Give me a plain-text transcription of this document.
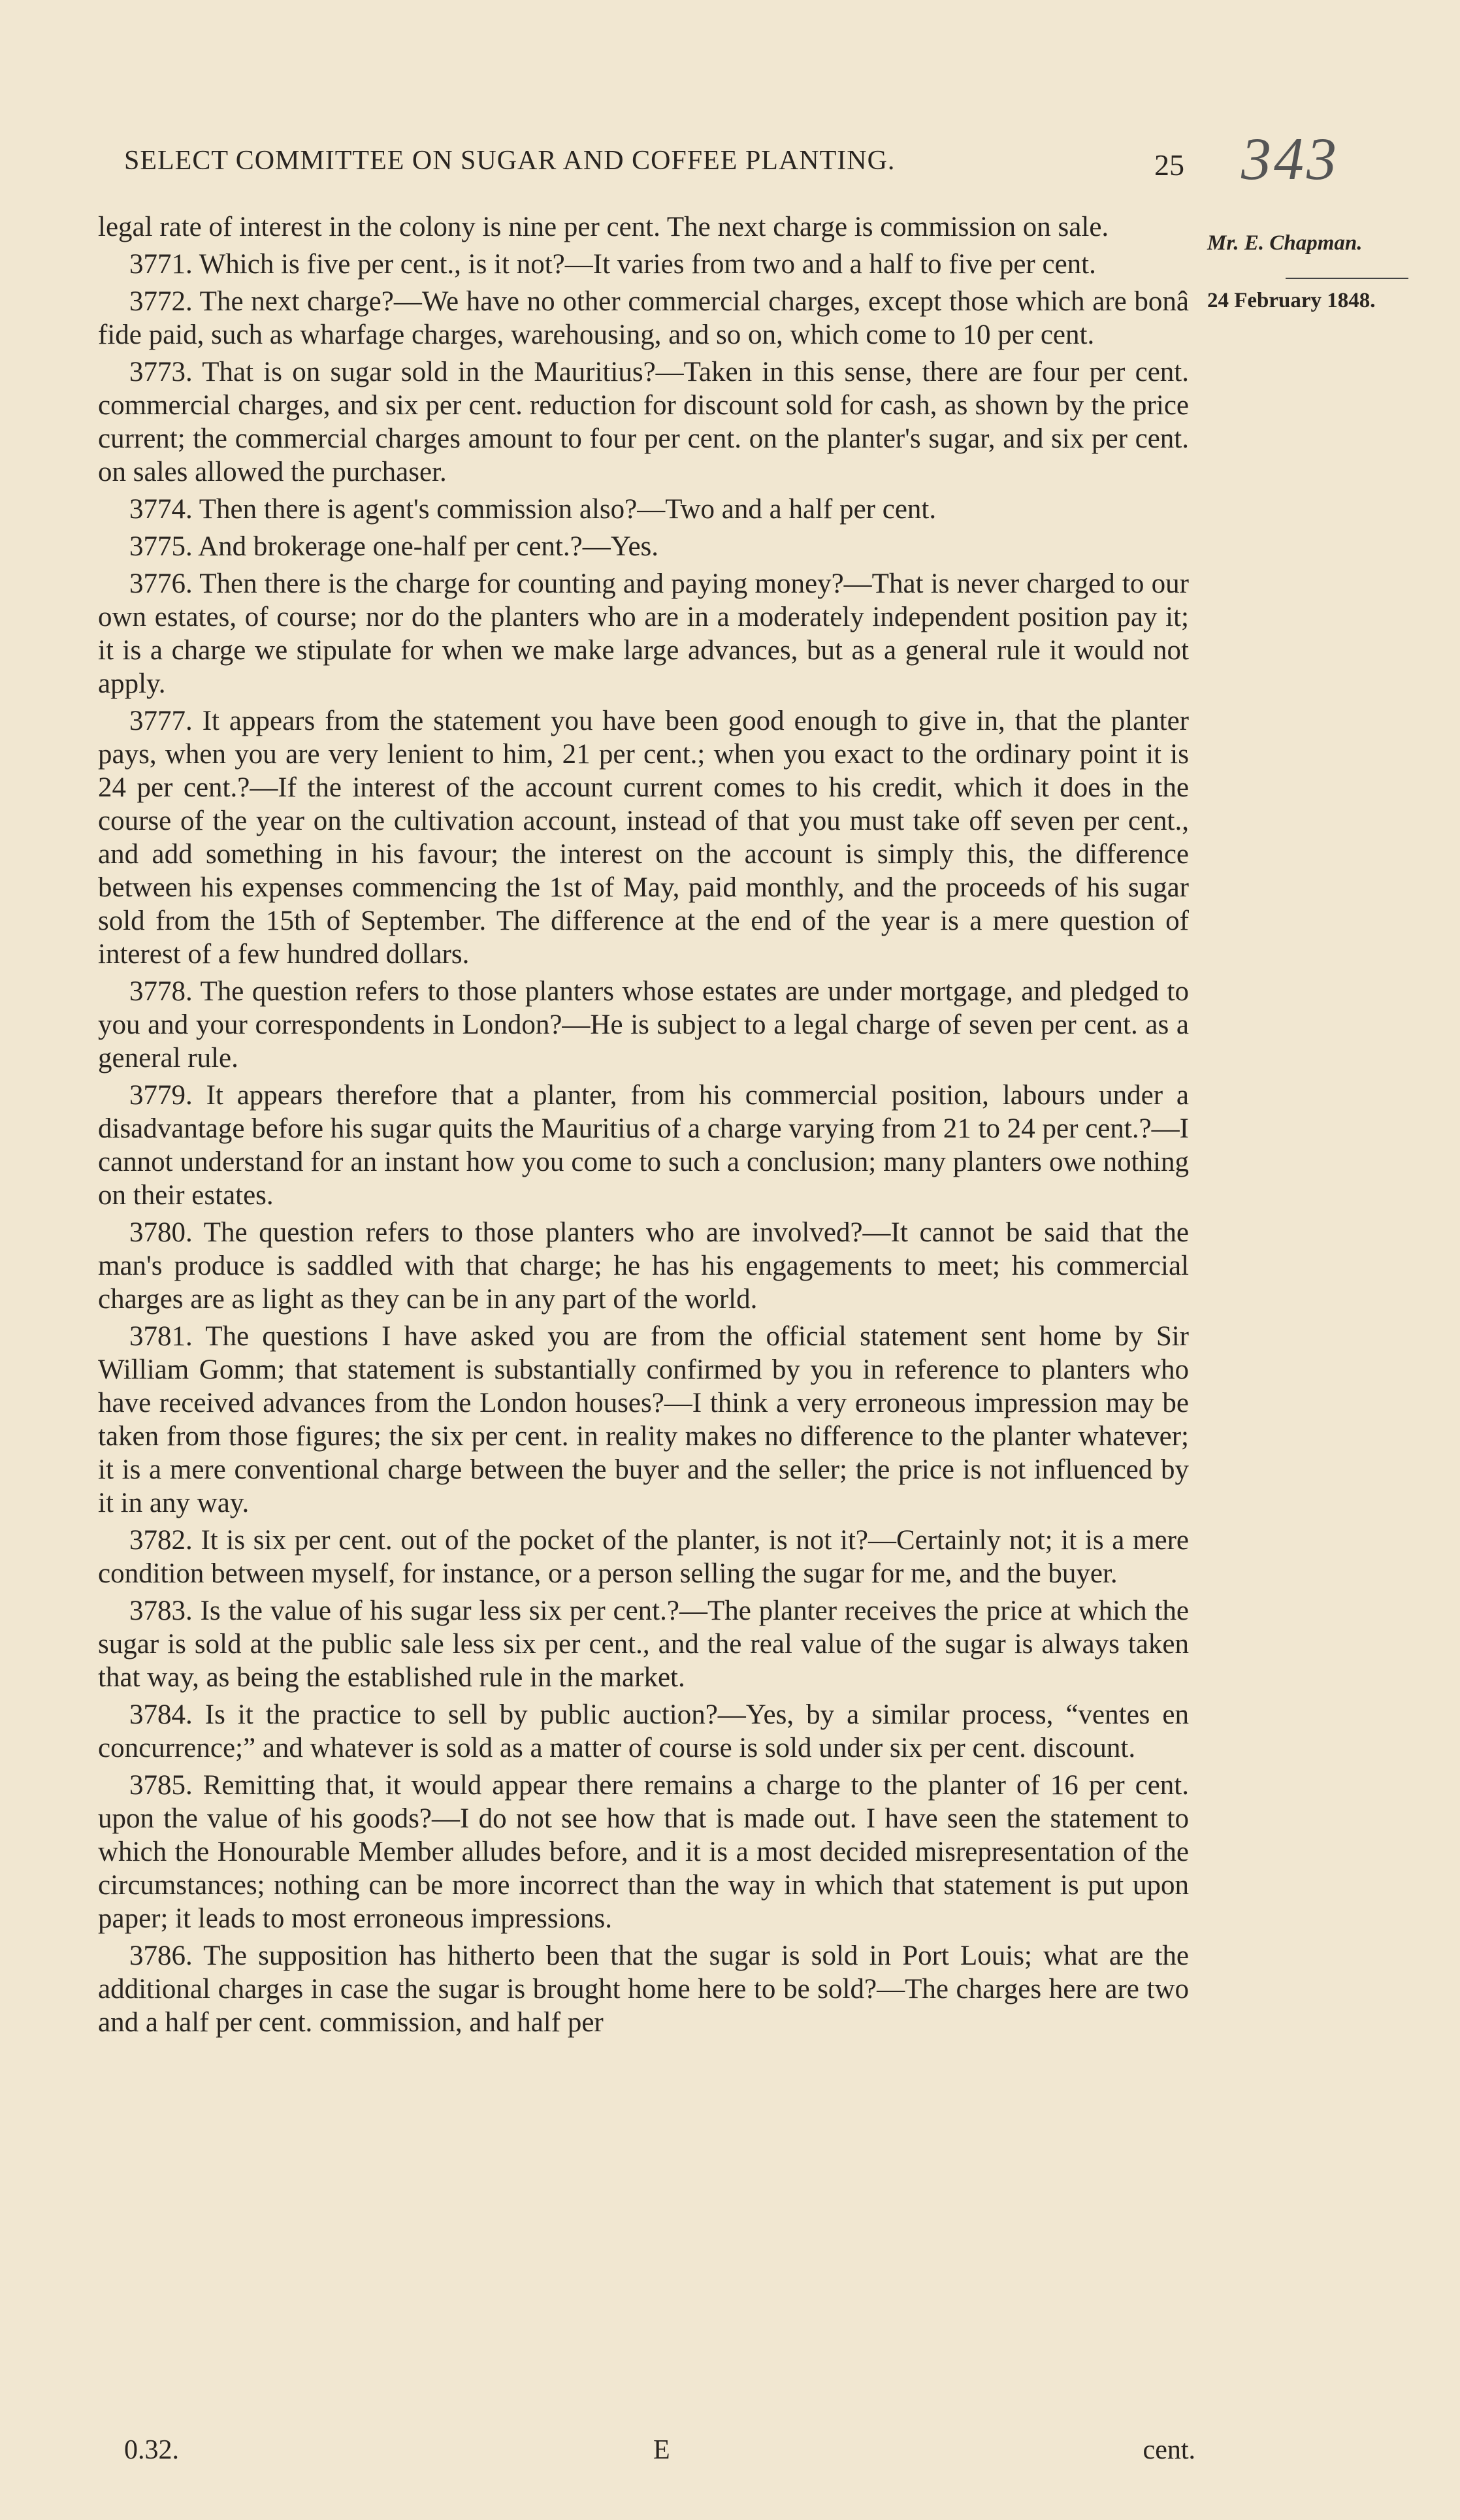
SELECT COMMITTEE ON SUGAR AND COFFEE PLANTING.	25 343
Mr. E. Chapman.
24 February 1848.

legal rate of interest in the colony is nine per cent. The next charge is commission on sale.

3771. Which is five per cent., is it not?—It varies from two and a half to five per cent.

3772. The next charge?—We have no other commercial charges, except those which are bonâ fide paid, such as wharfage charges, warehousing, and so on, which come to 10 per cent.

3773. That is on sugar sold in the Mauritius?—Taken in this sense, there are four per cent. commercial charges, and six per cent. reduction for discount sold for cash, as shown by the price current; the commercial charges amount to four per cent. on the planter's sugar, and six per cent. on sales allowed the purchaser.

3774. Then there is agent's commission also?—Two and a half per cent.

3775. And brokerage one-half per cent.?—Yes.

3776. Then there is the charge for counting and paying money?—That is never charged to our own estates, of course; nor do the planters who are in a moderately independent position pay it; it is a charge we stipulate for when we make large advances, but as a general rule it would not apply.

3777. It appears from the statement you have been good enough to give in, that the planter pays, when you are very lenient to him, 21 per cent.; when you exact to the ordinary point it is 24 per cent.?—If the interest of the account current comes to his credit, which it does in the course of the year on the cultivation account, instead of that you must take off seven per cent., and add something in his favour; the interest on the account is simply this, the difference between his expenses commencing the 1st of May, paid monthly, and the proceeds of his sugar sold from the 15th of September. The difference at the end of the year is a mere question of interest of a few hundred dollars.

3778. The question refers to those planters whose estates are under mortgage, and pledged to you and your correspondents in London?—He is subject to a legal charge of seven per cent. as a general rule.

3779. It appears therefore that a planter, from his commercial position, labours under a disadvantage before his sugar quits the Mauritius of a charge varying from 21 to 24 per cent.?—I cannot understand for an instant how you come to such a conclusion; many planters owe nothing on their estates.

3780. The question refers to those planters who are involved?—It cannot be said that the man's produce is saddled with that charge; he has his engagements to meet; his commercial charges are as light as they can be in any part of the world.

3781. The questions I have asked you are from the official statement sent home by Sir William Gomm; that statement is substantially confirmed by you in reference to planters who have received advances from the London houses?—I think a very erroneous impression may be taken from those figures; the six per cent. in reality makes no difference to the planter whatever; it is a mere conventional charge between the buyer and the seller; the price is not influenced by it in any way.

3782. It is six per cent. out of the pocket of the planter, is not it?—Certainly not; it is a mere condition between myself, for instance, or a person selling the sugar for me, and the buyer.

3783. Is the value of his sugar less six per cent.?—The planter receives the price at which the sugar is sold at the public sale less six per cent., and the real value of the sugar is always taken that way, as being the established rule in the market.

3784. Is it the practice to sell by public auction?—Yes, by a similar process, “ventes en concurrence;” and whatever is sold as a matter of course is sold under six per cent. discount.

3785. Remitting that, it would appear there remains a charge to the planter of 16 per cent. upon the value of his goods?—I do not see how that is made out. I have seen the statement to which the Honourable Member alludes before, and it is a most decided misrepresentation of the circumstances; nothing can be more incorrect than the way in which that statement is put upon paper; it leads to most erroneous impressions.

3786. The supposition has hitherto been that the sugar is sold in Port Louis; what are the additional charges in case the sugar is brought home here to be sold?—The charges here are two and a half per cent. commission, and half per

0.32.	E	cent.
